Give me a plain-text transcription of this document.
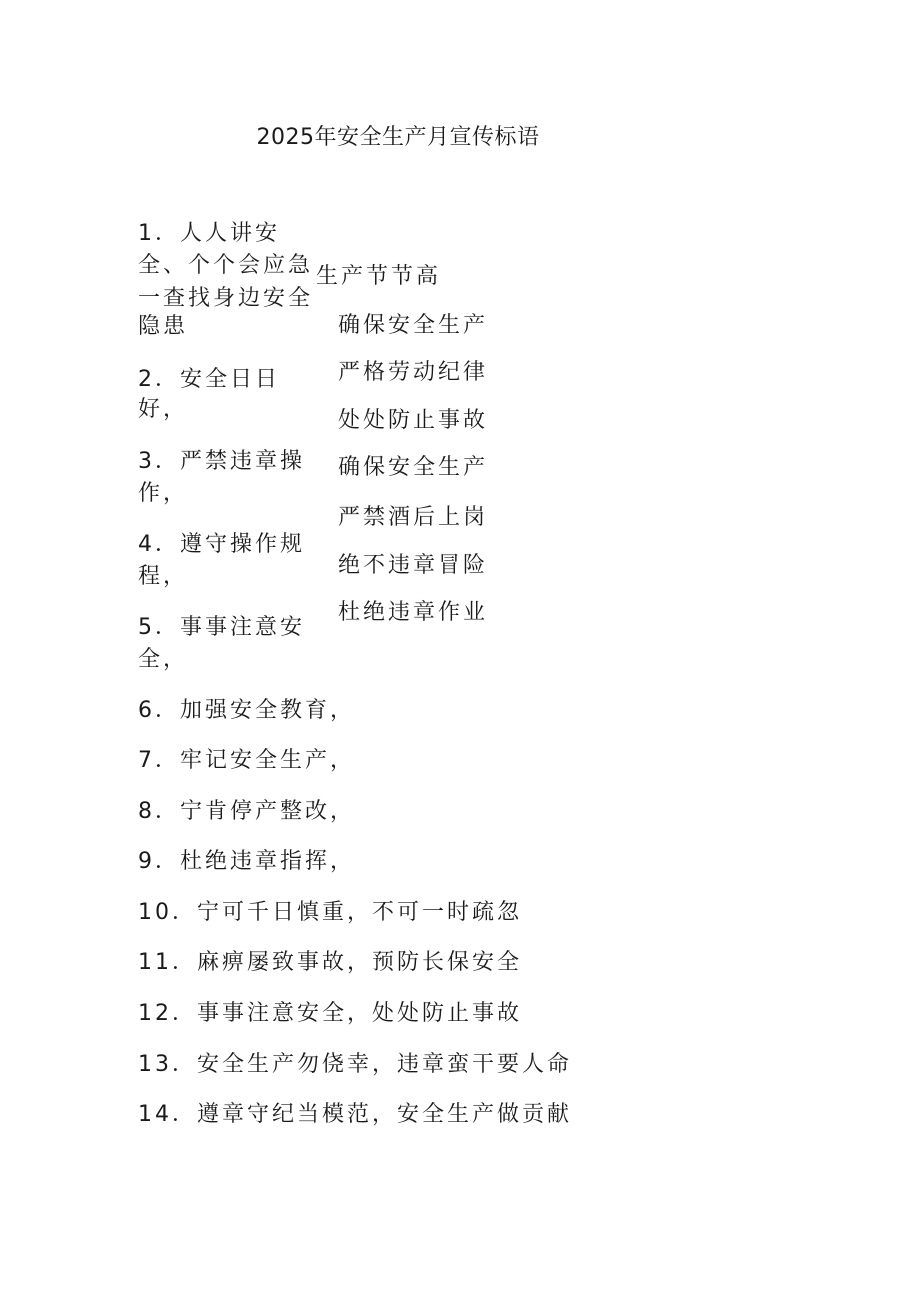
2025年安全生产月宣传标语
1．人人讲安
全、个个会应急
一查找身边安全
隐患
2．安全日日
好，
3．严禁违章操
作，
4．遵守操作规
程，
5．事事注意安
全，
生产节节高
确保安全生产
严格劳动纪律
处处防止事故
确保安全生产
严禁酒后上岗
绝不违章冒险
杜绝违章作业
6．加强安全教育，
7．牢记安全生产，
8．宁肯停产整改，
9．杜绝违章指挥，
10．宁可千日慎重，不可一时疏忽
11．麻痹屡致事故，预防长保安全
12．事事注意安全，处处防止事故
13．安全生产勿侥幸，违章蛮干要人命
14．遵章守纪当模范，安全生产做贡献
